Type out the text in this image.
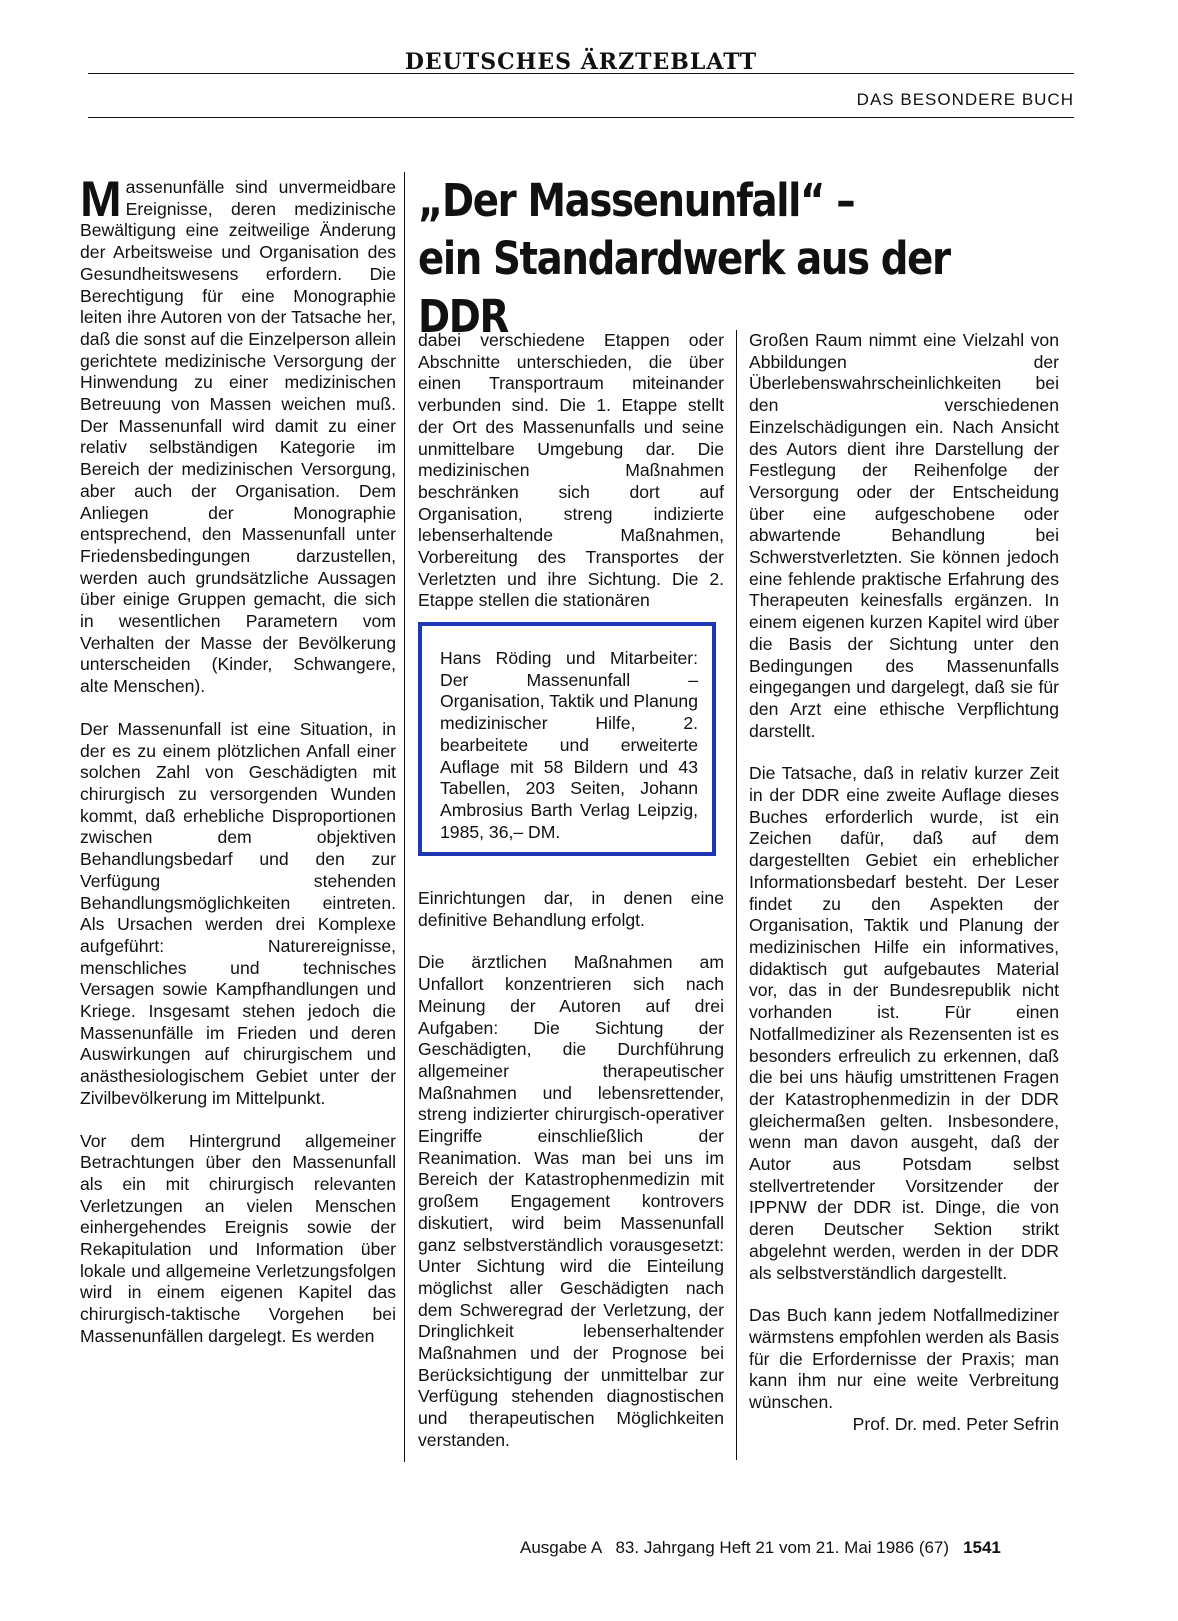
DEUTSCHES ÄRZTEBLATT
DAS BESONDERE BUCH

Massenunfälle sind unvermeidbare Ereignisse, deren medizinische Bewältigung eine zeitweilige Änderung der Arbeitsweise und Organisation des Gesundheitswesens erfordern. Die Berechtigung für eine Monographie leiten ihre Autoren von der Tatsache her, daß die sonst auf die Einzelperson allein gerichtete medizinische Versorgung der Hinwendung zu einer medizinischen Betreuung von Massen weichen muß. Der Massenunfall wird damit zu einer relativ selbständigen Kategorie im Bereich der medizinischen Versorgung, aber auch der Organisation. Dem Anliegen der Monographie entsprechend, den Massenunfall unter Friedensbedingungen darzustellen, werden auch grundsätzliche Aussagen über einige Gruppen gemacht, die sich in wesentlichen Parametern vom Verhalten der Masse der Bevölkerung unterscheiden (Kinder, Schwangere, alte Menschen).

Der Massenunfall ist eine Situation, in der es zu einem plötzlichen Anfall einer solchen Zahl von Geschädigten mit chirurgisch zu versorgenden Wunden kommt, daß erhebliche Disproportionen zwischen dem objektiven Behandlungsbedarf und den zur Verfügung stehenden Behandlungsmöglichkeiten eintreten. Als Ursachen werden drei Komplexe aufgeführt: Naturereignisse, menschliches und technisches Versagen sowie Kampfhandlungen und Kriege. Insgesamt stehen jedoch die Massenunfälle im Frieden und deren Auswirkungen auf chirurgischem und anästhesiologischem Gebiet unter der Zivilbevölkerung im Mittelpunkt.

Vor dem Hintergrund allgemeiner Betrachtungen über den Massenunfall als ein mit chirurgisch relevanten Verletzungen an vielen Menschen einhergehendes Ereignis sowie der Rekapitulation und Information über lokale und allgemeine Verletzungsfolgen wird in einem eigenen Kapitel das chirurgisch-taktische Vorgehen bei Massenunfällen dargelegt. Es werden

„Der Massenunfall“ –
ein Standardwerk aus der DDR

dabei verschiedene Etappen oder Abschnitte unterschieden, die über einen Transportraum miteinander verbunden sind. Die 1. Etappe stellt der Ort des Massenunfalls und seine unmittelbare Umgebung dar. Die medizinischen Maßnahmen beschränken sich dort auf Organisation, streng indizierte lebenserhaltende Maßnahmen, Vorbereitung des Transportes der Verletzten und ihre Sichtung. Die 2. Etappe stellen die stationären

Hans Röding und Mitarbeiter: Der Massenunfall – Organisation, Taktik und Planung medizinischer Hilfe, 2. bearbeitete und erweiterte Auflage mit 58 Bildern und 43 Tabellen, 203 Seiten, Johann Ambrosius Barth Verlag Leipzig, 1985, 36,– DM.

Einrichtungen dar, in denen eine definitive Behandlung erfolgt.

Die ärztlichen Maßnahmen am Unfallort konzentrieren sich nach Meinung der Autoren auf drei Aufgaben: Die Sichtung der Geschädigten, die Durchführung allgemeiner therapeutischer Maßnahmen und lebensrettender, streng indizierter chirurgisch-operativer Eingriffe einschließlich der Reanimation. Was man bei uns im Bereich der Katastrophenmedizin mit großem Engagement kontrovers diskutiert, wird beim Massenunfall ganz selbstverständlich vorausgesetzt: Unter Sichtung wird die Einteilung möglichst aller Geschädigten nach dem Schweregrad der Verletzung, der Dringlichkeit lebenserhaltender Maßnahmen und der Prognose bei Berücksichtigung der unmittelbar zur Verfügung stehenden diagnostischen und therapeutischen Möglichkeiten verstanden.

Großen Raum nimmt eine Vielzahl von Abbildungen der Überlebenswahrscheinlichkeiten bei den verschiedenen Einzelschädigungen ein. Nach Ansicht des Autors dient ihre Darstellung der Festlegung der Reihenfolge der Versorgung oder der Entscheidung über eine aufgeschobene oder abwartende Behandlung bei Schwerstverletzten. Sie können jedoch eine fehlende praktische Erfahrung des Therapeuten keinesfalls ergänzen. In einem eigenen kurzen Kapitel wird über die Basis der Sichtung unter den Bedingungen des Massenunfalls eingegangen und dargelegt, daß sie für den Arzt eine ethische Verpflichtung darstellt.

Die Tatsache, daß in relativ kurzer Zeit in der DDR eine zweite Auflage dieses Buches erforderlich wurde, ist ein Zeichen dafür, daß auf dem dargestellten Gebiet ein erheblicher Informationsbedarf besteht. Der Leser findet zu den Aspekten der Organisation, Taktik und Planung der medizinischen Hilfe ein informatives, didaktisch gut aufgebautes Material vor, das in der Bundesrepublik nicht vorhanden ist. Für einen Notfallmediziner als Rezensenten ist es besonders erfreulich zu erkennen, daß die bei uns häufig umstrittenen Fragen der Katastrophenmedizin in der DDR gleichermaßen gelten. Insbesondere, wenn man davon ausgeht, daß der Autor aus Potsdam selbst stellvertretender Vorsitzender der IPPNW der DDR ist. Dinge, die von deren Deutscher Sektion strikt abgelehnt werden, werden in der DDR als selbstverständlich dargestellt.

Das Buch kann jedem Notfallmediziner wärmstens empfohlen werden als Basis für die Erfordernisse der Praxis; man kann ihm nur eine weite Verbreitung wünschen.

Prof. Dr. med. Peter Sefrin
Ausgabe A   83. Jahrgang Heft 21 vom 21. Mai 1986 (67) 1541
